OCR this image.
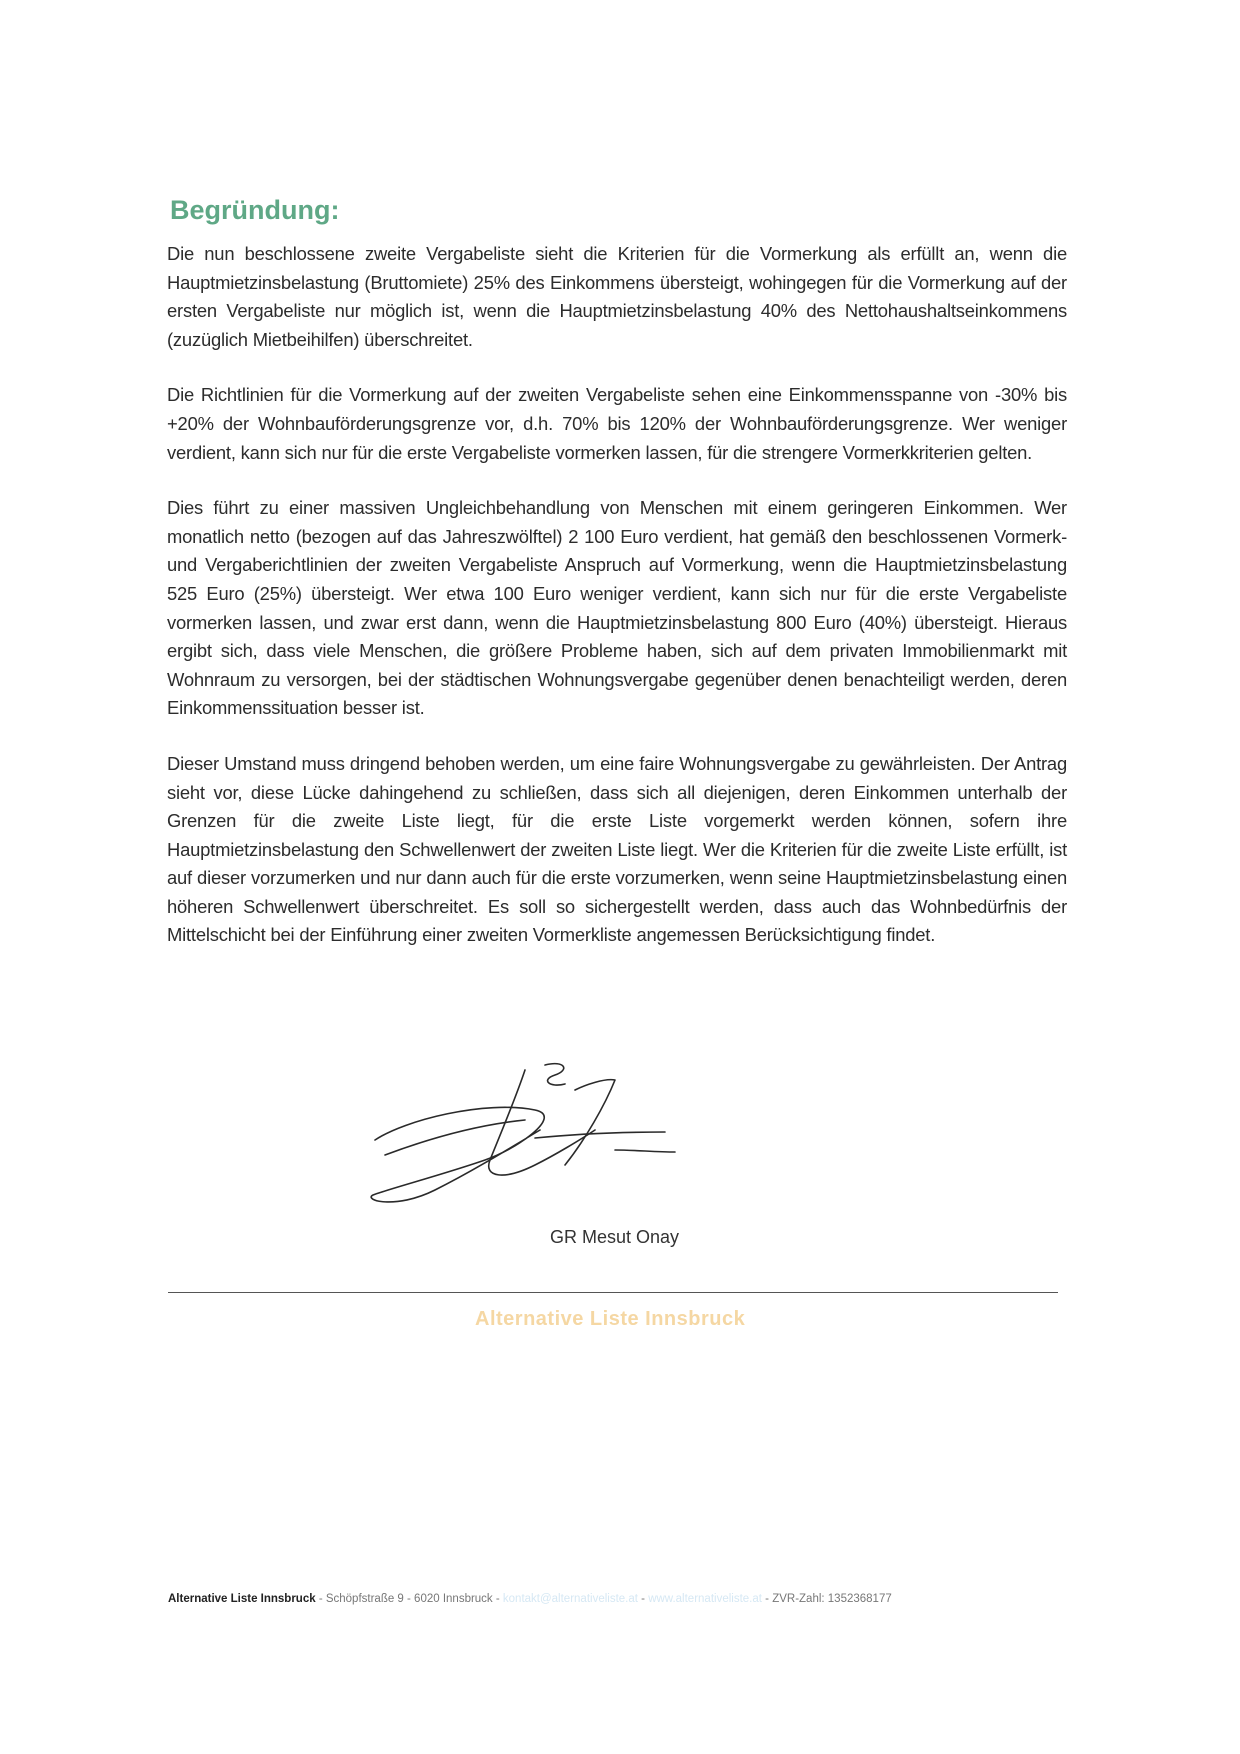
Begründung:

Die nun beschlossene zweite Vergabeliste sieht die Kriterien für die Vormerkung als erfüllt an, wenn die Hauptmietzinsbelastung (Bruttomiete) 25% des Einkommens übersteigt, wohingegen für die Vormerkung auf der ersten Vergabeliste nur möglich ist, wenn die Hauptmietzinsbelastung 40% des Nettohaushaltseinkommens (zuzüglich Mietbeihilfen) überschreitet.

Die Richtlinien für die Vormerkung auf der zweiten Vergabeliste sehen eine Einkommensspanne von -30% bis +20% der Wohnbauförderungsgrenze vor, d.h. 70% bis 120% der Wohnbauförderungsgrenze. Wer weniger verdient, kann sich nur für die erste Vergabeliste vormerken lassen, für die strengere Vormerkkriterien gelten.

Dies führt zu einer massiven Ungleichbehandlung von Menschen mit einem geringeren Einkommen. Wer monatlich netto (bezogen auf das Jahreszwölftel) 2 100 Euro verdient, hat gemäß den beschlossenen Vormerk- und Vergaberichtlinien der zweiten Vergabeliste Anspruch auf Vormerkung, wenn die Hauptmietzinsbelastung 525 Euro (25%) übersteigt. Wer etwa 100 Euro weniger verdient, kann sich nur für die erste Vergabeliste vormerken lassen, und zwar erst dann, wenn die Hauptmietzinsbelastung 800 Euro (40%) übersteigt. Hieraus ergibt sich, dass viele Menschen, die größere Probleme haben, sich auf dem privaten Immobilienmarkt mit Wohnraum zu versorgen, bei der städtischen Wohnungsvergabe gegenüber denen benachteiligt werden, deren Einkommenssituation besser ist.

Dieser Umstand muss dringend behoben werden, um eine faire Wohnungsvergabe zu gewährleisten. Der Antrag sieht vor, diese Lücke dahingehend zu schließen, dass sich all diejenigen, deren Einkommen unterhalb der Grenzen für die zweite Liste liegt, für die erste Liste vorgemerkt werden können, sofern ihre Hauptmietzinsbelastung den Schwellenwert der zweiten Liste liegt. Wer die Kriterien für die zweite Liste erfüllt, ist auf dieser vorzumerken und nur dann auch für die erste vorzumerken, wenn seine Hauptmietzinsbelastung einen höheren Schwellenwert überschreitet. Es soll so sichergestellt werden, dass auch das Wohnbedürfnis der Mittelschicht bei der Einführung einer zweiten Vormerkliste angemessen Berücksichtigung findet.

GR Mesut Onay
Alternative Liste Innsbruck
Alternative Liste Innsbruck - Schöpfstraße 9 - 6020 Innsbruck - kontakt@alternativeliste.at - www.alternativeliste.at - ZVR-Zahl: 1352368177
